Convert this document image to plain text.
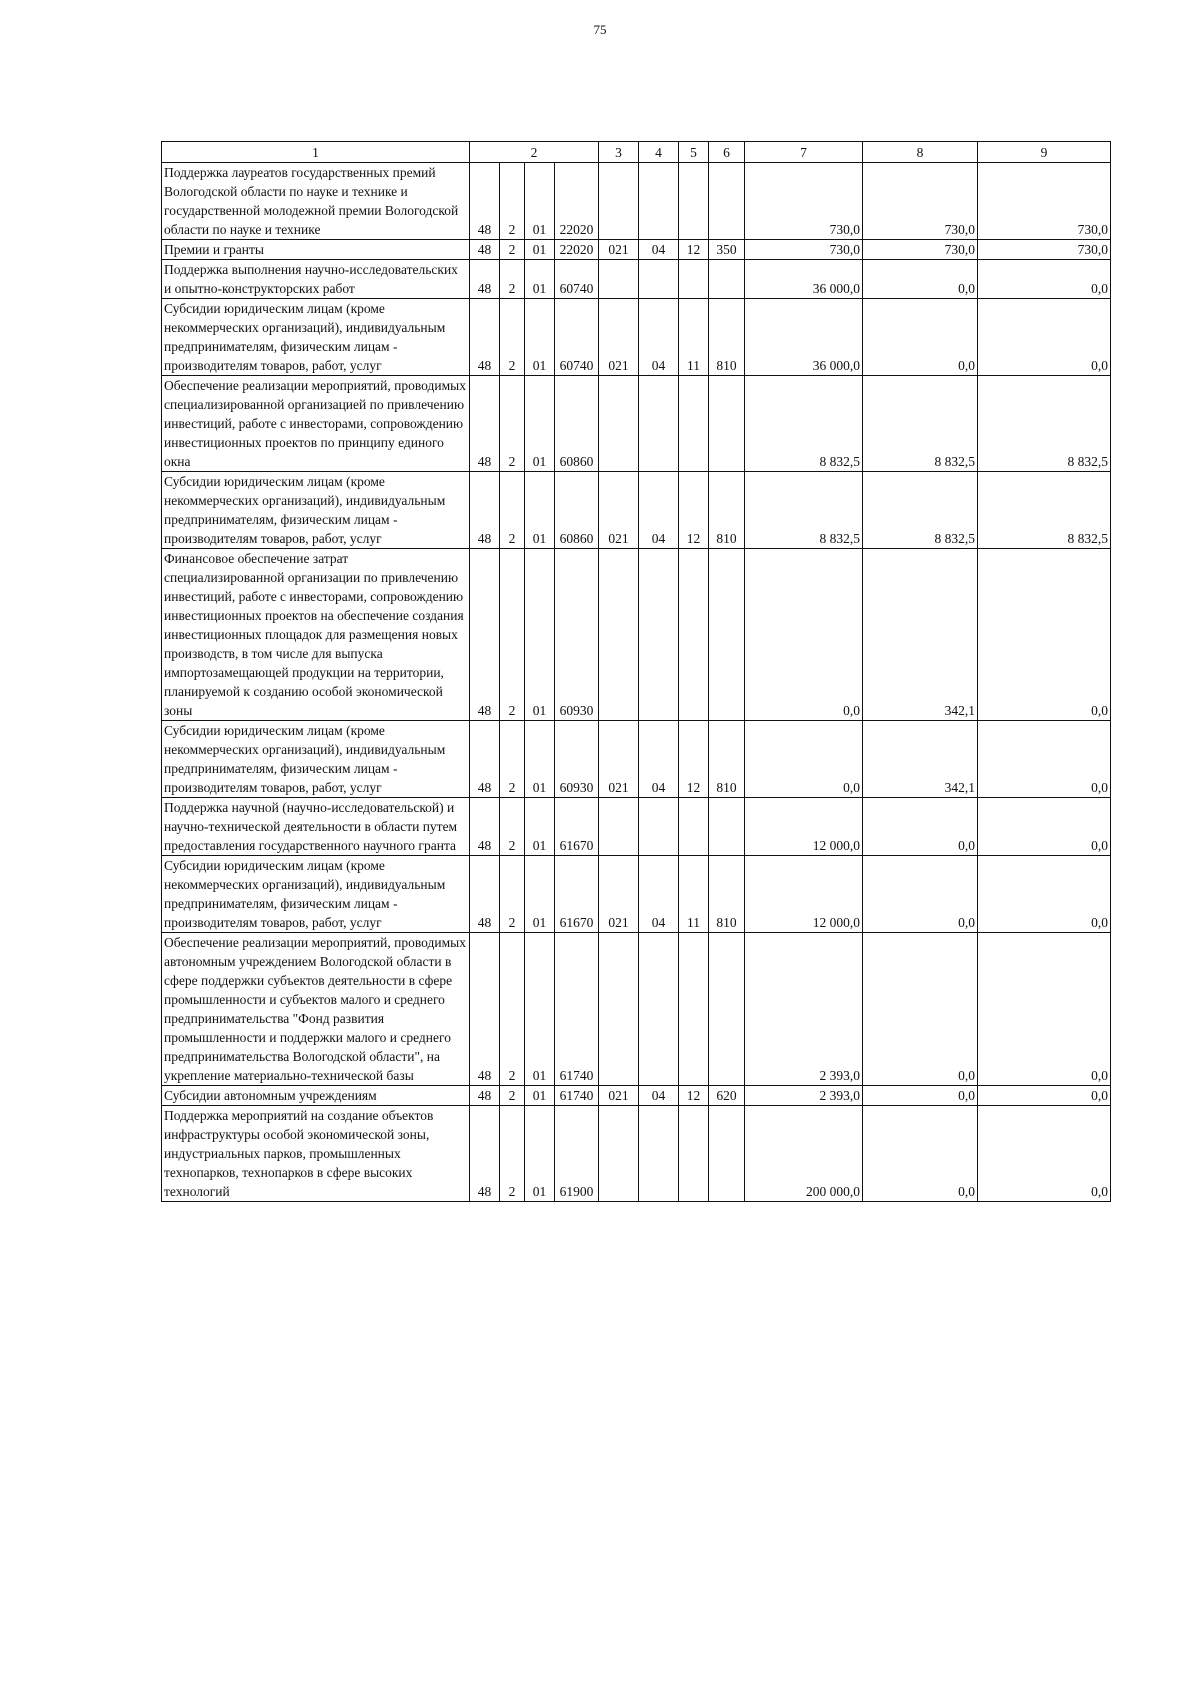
75
1	2				3	4	5	6	7	8	9
Поддержка лауреатов государственных премий Вологодской области по науке и технике и государственной молодежной премии Вологодской области по науке и технике	48	2	01	22020					730,0	730,0	730,0
Премии и гранты	48	2	01	22020	021	04	12	350	730,0	730,0	730,0
Поддержка выполнения научно-исследовательских и опытно-конструкторских работ	48	2	01	60740					36 000,0	0,0	0,0
Субсидии юридическим лицам (кроме некоммерческих организаций), индивидуальным предпринимателям, физическим лицам - производителям товаров, работ, услуг	48	2	01	60740	021	04	11	810	36 000,0	0,0	0,0
Обеспечение реализации мероприятий, проводимых специализированной организацией по привлечению инвестиций, работе с инвесторами, сопровождению инвестиционных проектов по принципу единого окна	48	2	01	60860					8 832,5	8 832,5	8 832,5
Субсидии юридическим лицам (кроме некоммерческих организаций), индивидуальным предпринимателям, физическим лицам - производителям товаров, работ, услуг	48	2	01	60860	021	04	12	810	8 832,5	8 832,5	8 832,5
Финансовое обеспечение затрат специализированной организации по привлечению инвестиций, работе с инвесторами, сопровождению инвестиционных проектов на обеспечение создания инвестиционных площадок для размещения новых производств, в том числе для выпуска импортозамещающей продукции на территории, планируемой к созданию особой экономической зоны	48	2	01	60930					0,0	342,1	0,0
Субсидии юридическим лицам (кроме некоммерческих организаций), индивидуальным предпринимателям, физическим лицам - производителям товаров, работ, услуг	48	2	01	60930	021	04	12	810	0,0	342,1	0,0
Поддержка научной (научно-исследовательской) и научно-технической деятельности в области путем предоставления государственного научного гранта	48	2	01	61670					12 000,0	0,0	0,0
Субсидии юридическим лицам (кроме некоммерческих организаций), индивидуальным предпринимателям, физическим лицам - производителям товаров, работ, услуг	48	2	01	61670	021	04	11	810	12 000,0	0,0	0,0
Обеспечение реализации мероприятий, проводимых автономным учреждением Вологодской области в сфере поддержки субъектов деятельности в сфере промышленности и субъектов малого и среднего предпринимательства "Фонд развития промышленности и поддержки малого и среднего предпринимательства Вологодской области", на укрепление материально-технической базы	48	2	01	61740					2 393,0	0,0	0,0
Субсидии автономным учреждениям	48	2	01	61740	021	04	12	620	2 393,0	0,0	0,0
Поддержка мероприятий на создание объектов инфраструктуры особой экономической зоны, индустриальных парков, промышленных технопарков, технопарков в сфере высоких технологий	48	2	01	61900					200 000,0	0,0	0,0
